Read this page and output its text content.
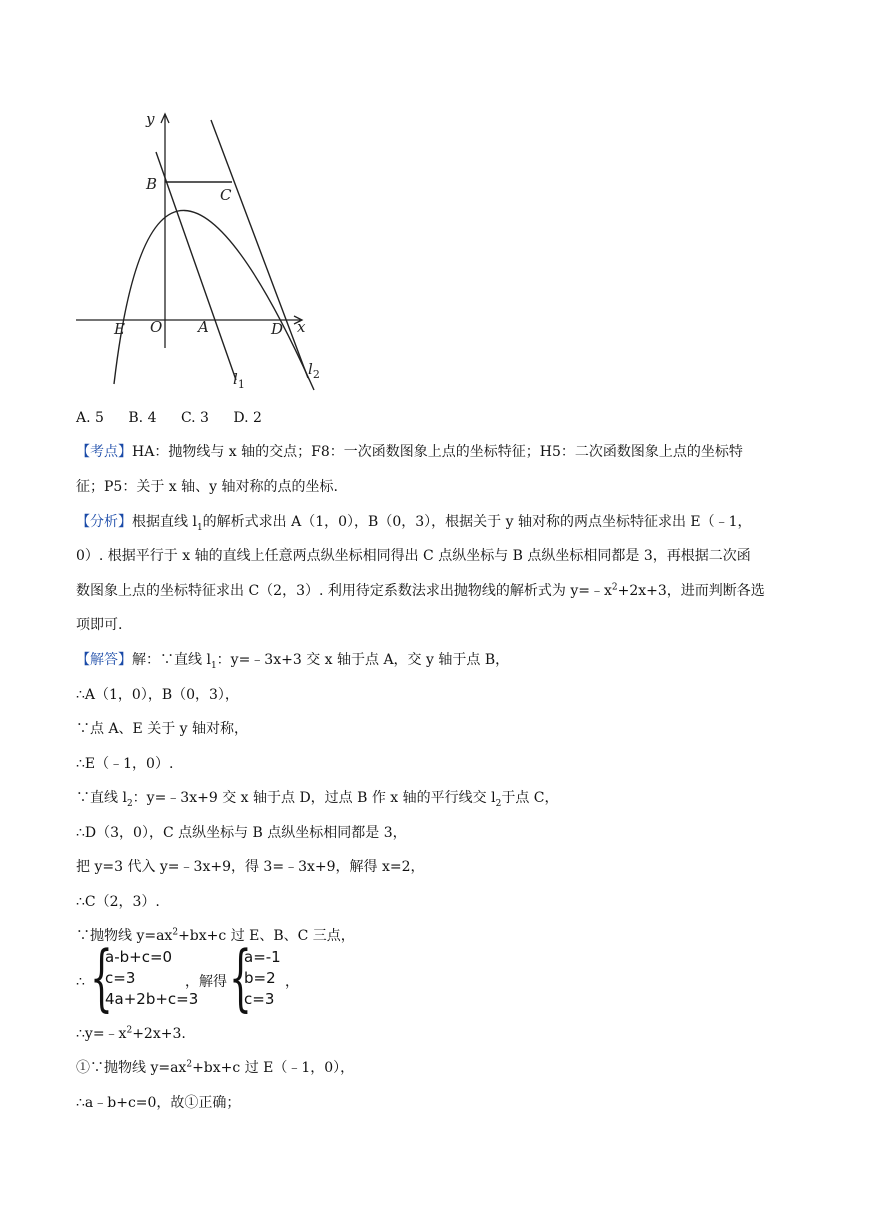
y
B
C
E O A	D x
$l_1$
$l_2$
A. 5 B. 4 C. 3 D. 2
【考点】HA：抛物线与 x 轴的交点；F8：一次函数图象上点的坐标特征；H5：二次函数图象上点的坐标特
征；P5：关于 x 轴、y 轴对称的点的坐标.
【分析】根据直线 $l_1$的解析式求出 A（1，0），B（0，3），根据关于 y 轴对称的两点坐标特征求出 E（﹣1，
0）. 根据平行于 x 轴的直线上任意两点纵坐标相同得出 C 点纵坐标与 B 点纵坐标相同都是 3，再根据二次函
数图象上点的坐标特征求出 C（2，3）. 利用待定系数法求出抛物线的解析式为 $y=﹣x^2+2x+3$，进而判断各选
项即可.
【解答】解：∵直线 $l_1$：y=﹣3x+3 交 x 轴于点 A，交 y 轴于点 B，
∴A（1，0），B（0，3），
∵点 A、E 关于 y 轴对称，
∴E（﹣1，0）.
∵直线 $l_2$：y=﹣3x+9 交 x 轴于点 D，过点 B 作 x 轴的平行线交 $l_2$于点 C，
∴D（3，0），C 点纵坐标与 B 点纵坐标相同都是 3，
把 y=3 代入 y=﹣3x+9，得 3=﹣3x+9，解得 x=2，
∴C（2，3）.
∵抛物线 $y=ax^2+bx+c$ 过 E、B、C 三点，
∴ {
a-b+c=0
c=3
4a+2b+c=3
，解得 {
a=-1
b=2
c=3
，
$\therefore y=﹣x^2+2x+3$.
①∵抛物线 $y=ax^2+bx+c$ 过 E（﹣1，0），
∴a﹣b+c=0，故①正确；
